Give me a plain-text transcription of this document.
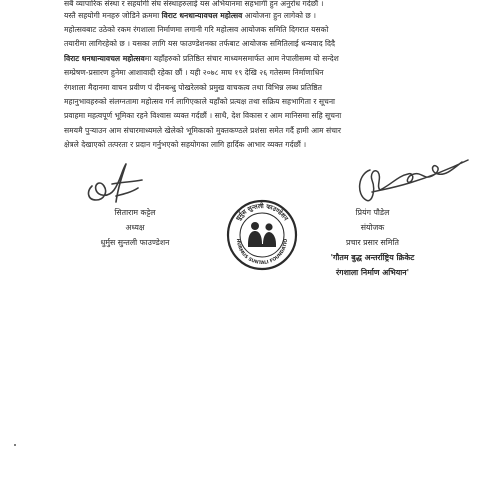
सबै व्यापारिक संस्था र सहयोगी संघ संस्थाहरुलाई यस अभियानमा सहभागी हुन अनुरोध गर्दछौं ।

यस्तै सहयोगी मनहरु जोडिने क्रममा विराट धनधान्यावचल महोत्सव आयोजना हुन लागेको छ ।

महोत्सवबाट उठेको रकम रंगशाला निर्माणमा लगानी गरि महोत्सव आयोजक समिति दिगरात यसको
तयारीमा लागिरहेको छ । यसका लागि यस फाउण्डेशनका तर्फबाट आयोजक समितिलाई धन्यवाद दिदै
विराट धनधान्यावचल महोत्सवमा यहाँहरुको प्रतिष्ठित संचार माध्यमसमार्फत आम नेपालीसम्म यो सन्देश
सम्प्रेषण-प्रसारण हुनेमा आशावादी रहेका छौं । यही २०७८ माघ १९ देखि २६ गतेसम्म निर्माणाधिन
रंगशाला मैदानमा वाचन प्रवीण पं दीनबन्धु पोखरेलको प्रमुख वाचकत्व तथा विभिन्न लब्ध प्रतिष्ठित
महानुभावहरुको संलग्नतामा महोत्सव गर्न लागिएकाले यहाँको प्रत्यक्ष तथा सक्रिय सहभागिता र सूचना
प्रवाहमा महत्वपूर्ण भूमिका रहने विश्वास व्यक्त गर्दछौं । साथै, देश विकास र आम मानिसमा सहि सूचना
समयमै पुऱ्याउन आम संचारमाध्यमले खेलेको भूमिकाको मुक्तकण्ठले प्रशंसा समेत गर्दै हामी आम संचार
क्षेत्रले देखाएको तत्परता र प्रदान गर्नुभएको सहयोगका लागि हार्दिक आभार व्यक्त गर्दछौं ।

सिताराम कट्टेल
अध्यक्ष
धुर्मुस सुन्तली फाउण्डेशन
धुर्मुस सुन्तली फाउण्डेशन
HURMUS SUNTALI FOUNDATIO
प्रियंग पौडेल
संयोजक
प्रचार प्रसार समिति
'गौतम बुद्ध अन्तर्राष्ट्रिय क्रिकेट
रंगशाला निर्माण अभियान'
